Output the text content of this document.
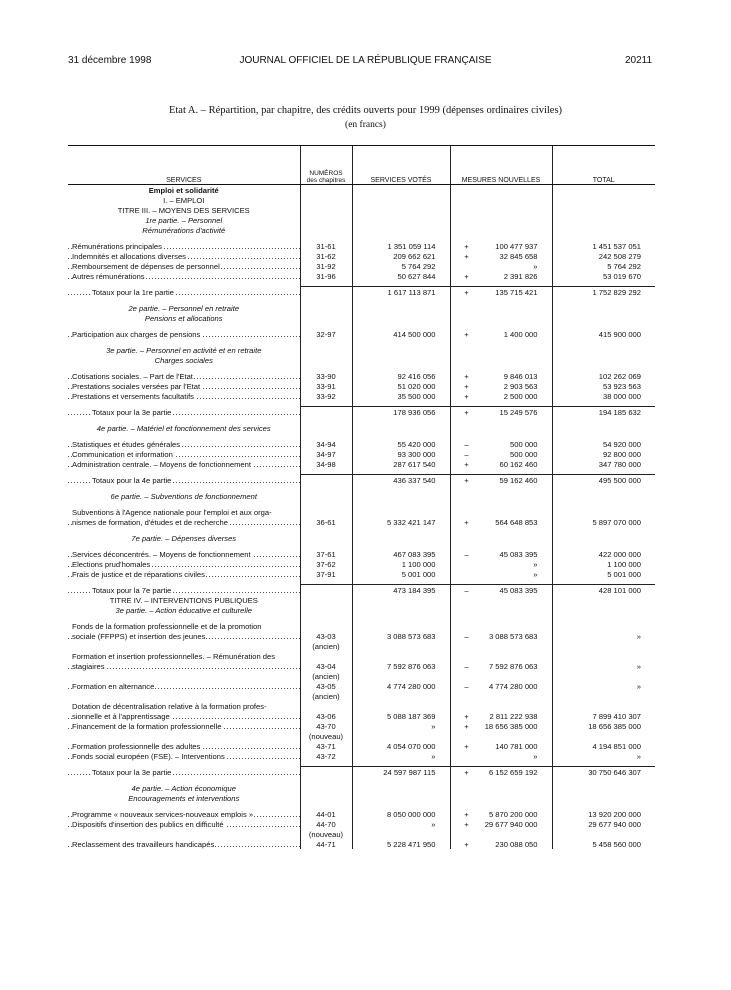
31 décembre 1998	JOURNAL OFFICIEL DE LA RÉPUBLIQUE FRANÇAISE	20211
Etat A. – Répartition, par chapitre, des crédits ouverts pour 1999 (dépenses ordinaires civiles)
(en francs)
SERVICES	NUMÉROS des chapitres	SERVICES VOTÉS	MESURES NOUVELLES	TOTAL
Emploi et solidarité				
I. – EMPLOI				
TITRE III. – MOYENS DES SERVICES				
1re partie. – Personnel				
Rémunérations d'activité				

Rémunérations principales	31-61	1 351 059 114	+ 100 477 937	1 451 537 051
Indemnités et allocations diverses	31-62	209 662 621	+ 32 845 658	242 508 279
Remboursement de dépenses de personnel	31-92	5 764 292	»	5 764 292
Autres rémunérations	31-96	50 627 844	+ 2 391 826	53 019 670

Totaux pour la 1re partie		1 617 113 871	+ 135 715 421	1 752 829 292

2e partie. – Personnel en retraite				
Pensions et allocations				

Participation aux charges de pensions	32-97	414 500 000	+ 1 400 000	415 900 000

3e partie. – Personnel en activité et en retraite				
Charges sociales				

Cotisations sociales. – Part de l'Etat	33-90	92 416 056	+ 9 846 013	102 262 069
Prestations sociales versées par l'Etat	33-91	51 020 000	+ 2 903 563	53 923 563
Prestations et versements facultatifs	33-92	35 500 000	+ 2 500 000	38 000 000

Totaux pour la 3e partie		178 936 056	+ 15 249 576	194 185 632

4e partie. – Matériel et fonctionnement des services				

Statistiques et études générales	34-94	55 420 000	– 500 000	54 920 000
Communication et information	34-97	93 300 000	– 500 000	92 800 000
Administration centrale. – Moyens de fonctionnement	34-98	287 617 540	+ 60 162 460	347 780 000

Totaux pour la 4e partie		436 337 540	+ 59 162 460	495 500 000

6e partie. – Subventions de fonctionnement				

Subventions à l'Agence nationale pour l'emploi et aux orga-			

nismes de formation, d'études et de recherche	36-61	5 332 421 147	+ 564 648 853	5 897 070 000

7e partie. – Dépenses diverses				

Services déconcentrés. – Moyens de fonctionnement	37-61	467 083 395	– 45 083 395	422 000 000
Elections prud'homales	37-62	1 100 000	»	1 100 000
Frais de justice et de réparations civiles	37-91	5 001 000	»	5 001 000

Totaux pour la 7e partie		473 184 395	– 45 083 395	428 101 000
TITRE IV. – INTERVENTIONS PUBLIQUES				
3e partie. – Action éducative et culturelle				

Fonds de la formation professionnelle et de la promotion			

sociale (FFPPS) et insertion des jeunes	43-03	3 088 573 683	– 3 088 573 683	»
	(ancien)		

Formation et insertion professionnelles. – Rémunération des			

stagiaires	43-04	7 592 876 063	– 7 592 876 063	»
	(ancien)		

Formation en alternance	43-05	4 774 280 000	– 4 774 280 000	»
	(ancien)		

Dotation de décentralisation relative à la formation profes-			

sionnelle et à l'apprentissage	43-06	5 088 187 369	+ 2 811 222 938	7 899 410 307
Financement de la formation professionnelle	43-70	»	+ 18 656 385 000	18 656 385 000
	(nouveau)		

Formation professionnelle des adultes	43-71	4 054 070 000	+ 140 781 000	4 194 851 000
Fonds social européen (FSE). – Interventions	43-72	»	»	»

Totaux pour la 3e partie		24 597 987 115	+ 6 152 659 192	30 750 646 307

4e partie. – Action économique				
Encouragements et interventions				

Programme « nouveaux services-nouveaux emplois »	44-01	8 050 000 000	+ 5 870 200 000	13 920 200 000
Dispositifs d'insertion des publics en difficulté	44-70	»	+ 29 677 940 000	29 677 940 000
	(nouveau)		

Reclassement des travailleurs handicapés	44-71	5 228 471 950	+ 230 088 050	5 458 560 000
